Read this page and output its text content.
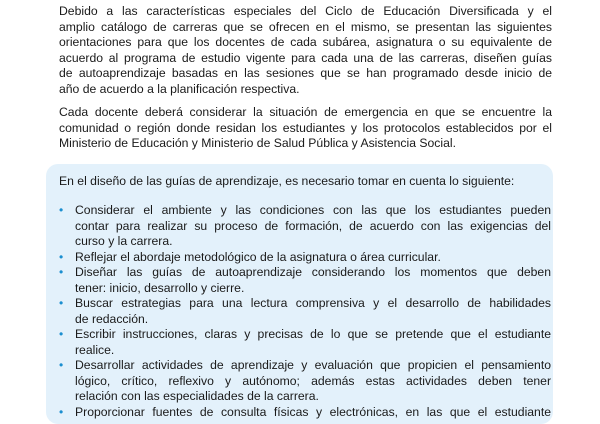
Debido a las características especiales del Ciclo de Educación Diversificada y el
amplio catálogo de carreras que se ofrecen en el mismo, se presentan las siguientes
orientaciones para que los docentes de cada subárea, asignatura o su equivalente de
acuerdo al programa de estudio vigente para cada una de las carreras, diseñen guías
de autoaprendizaje basadas en las sesiones que se han programado desde inicio de
año de acuerdo a la planificación respectiva.

Cada docente deberá considerar la situación de emergencia en que se encuentre la
comunidad o región donde residan los estudiantes y los protocolos establecidos por el
Ministerio de Educación y Ministerio de Salud Pública y Asistencia Social.

En el diseño de las guías de aprendizaje, es necesario tomar en cuenta lo siguiente:

• Considerar el ambiente y las condiciones con las que los estudiantes pueden
contar para realizar su proceso de formación, de acuerdo con las exigencias del
curso y la carrera.
• Reflejar el abordaje metodológico de la asignatura o área curricular.
• Diseñar las guías de autoaprendizaje considerando los momentos que deben
tener: inicio, desarrollo y cierre.
• Buscar estrategias para una lectura comprensiva y el desarrollo de habilidades
de redacción.
• Escribir instrucciones, claras y precisas de lo que se pretende que el estudiante
realice.
• Desarrollar actividades de aprendizaje y evaluación que propicien el pensamiento
lógico, crítico, reflexivo y autónomo; además estas actividades deben tener
relación con las especialidades de la carrera.
• Proporcionar fuentes de consulta físicas y electrónicas, en las que el estudiante
